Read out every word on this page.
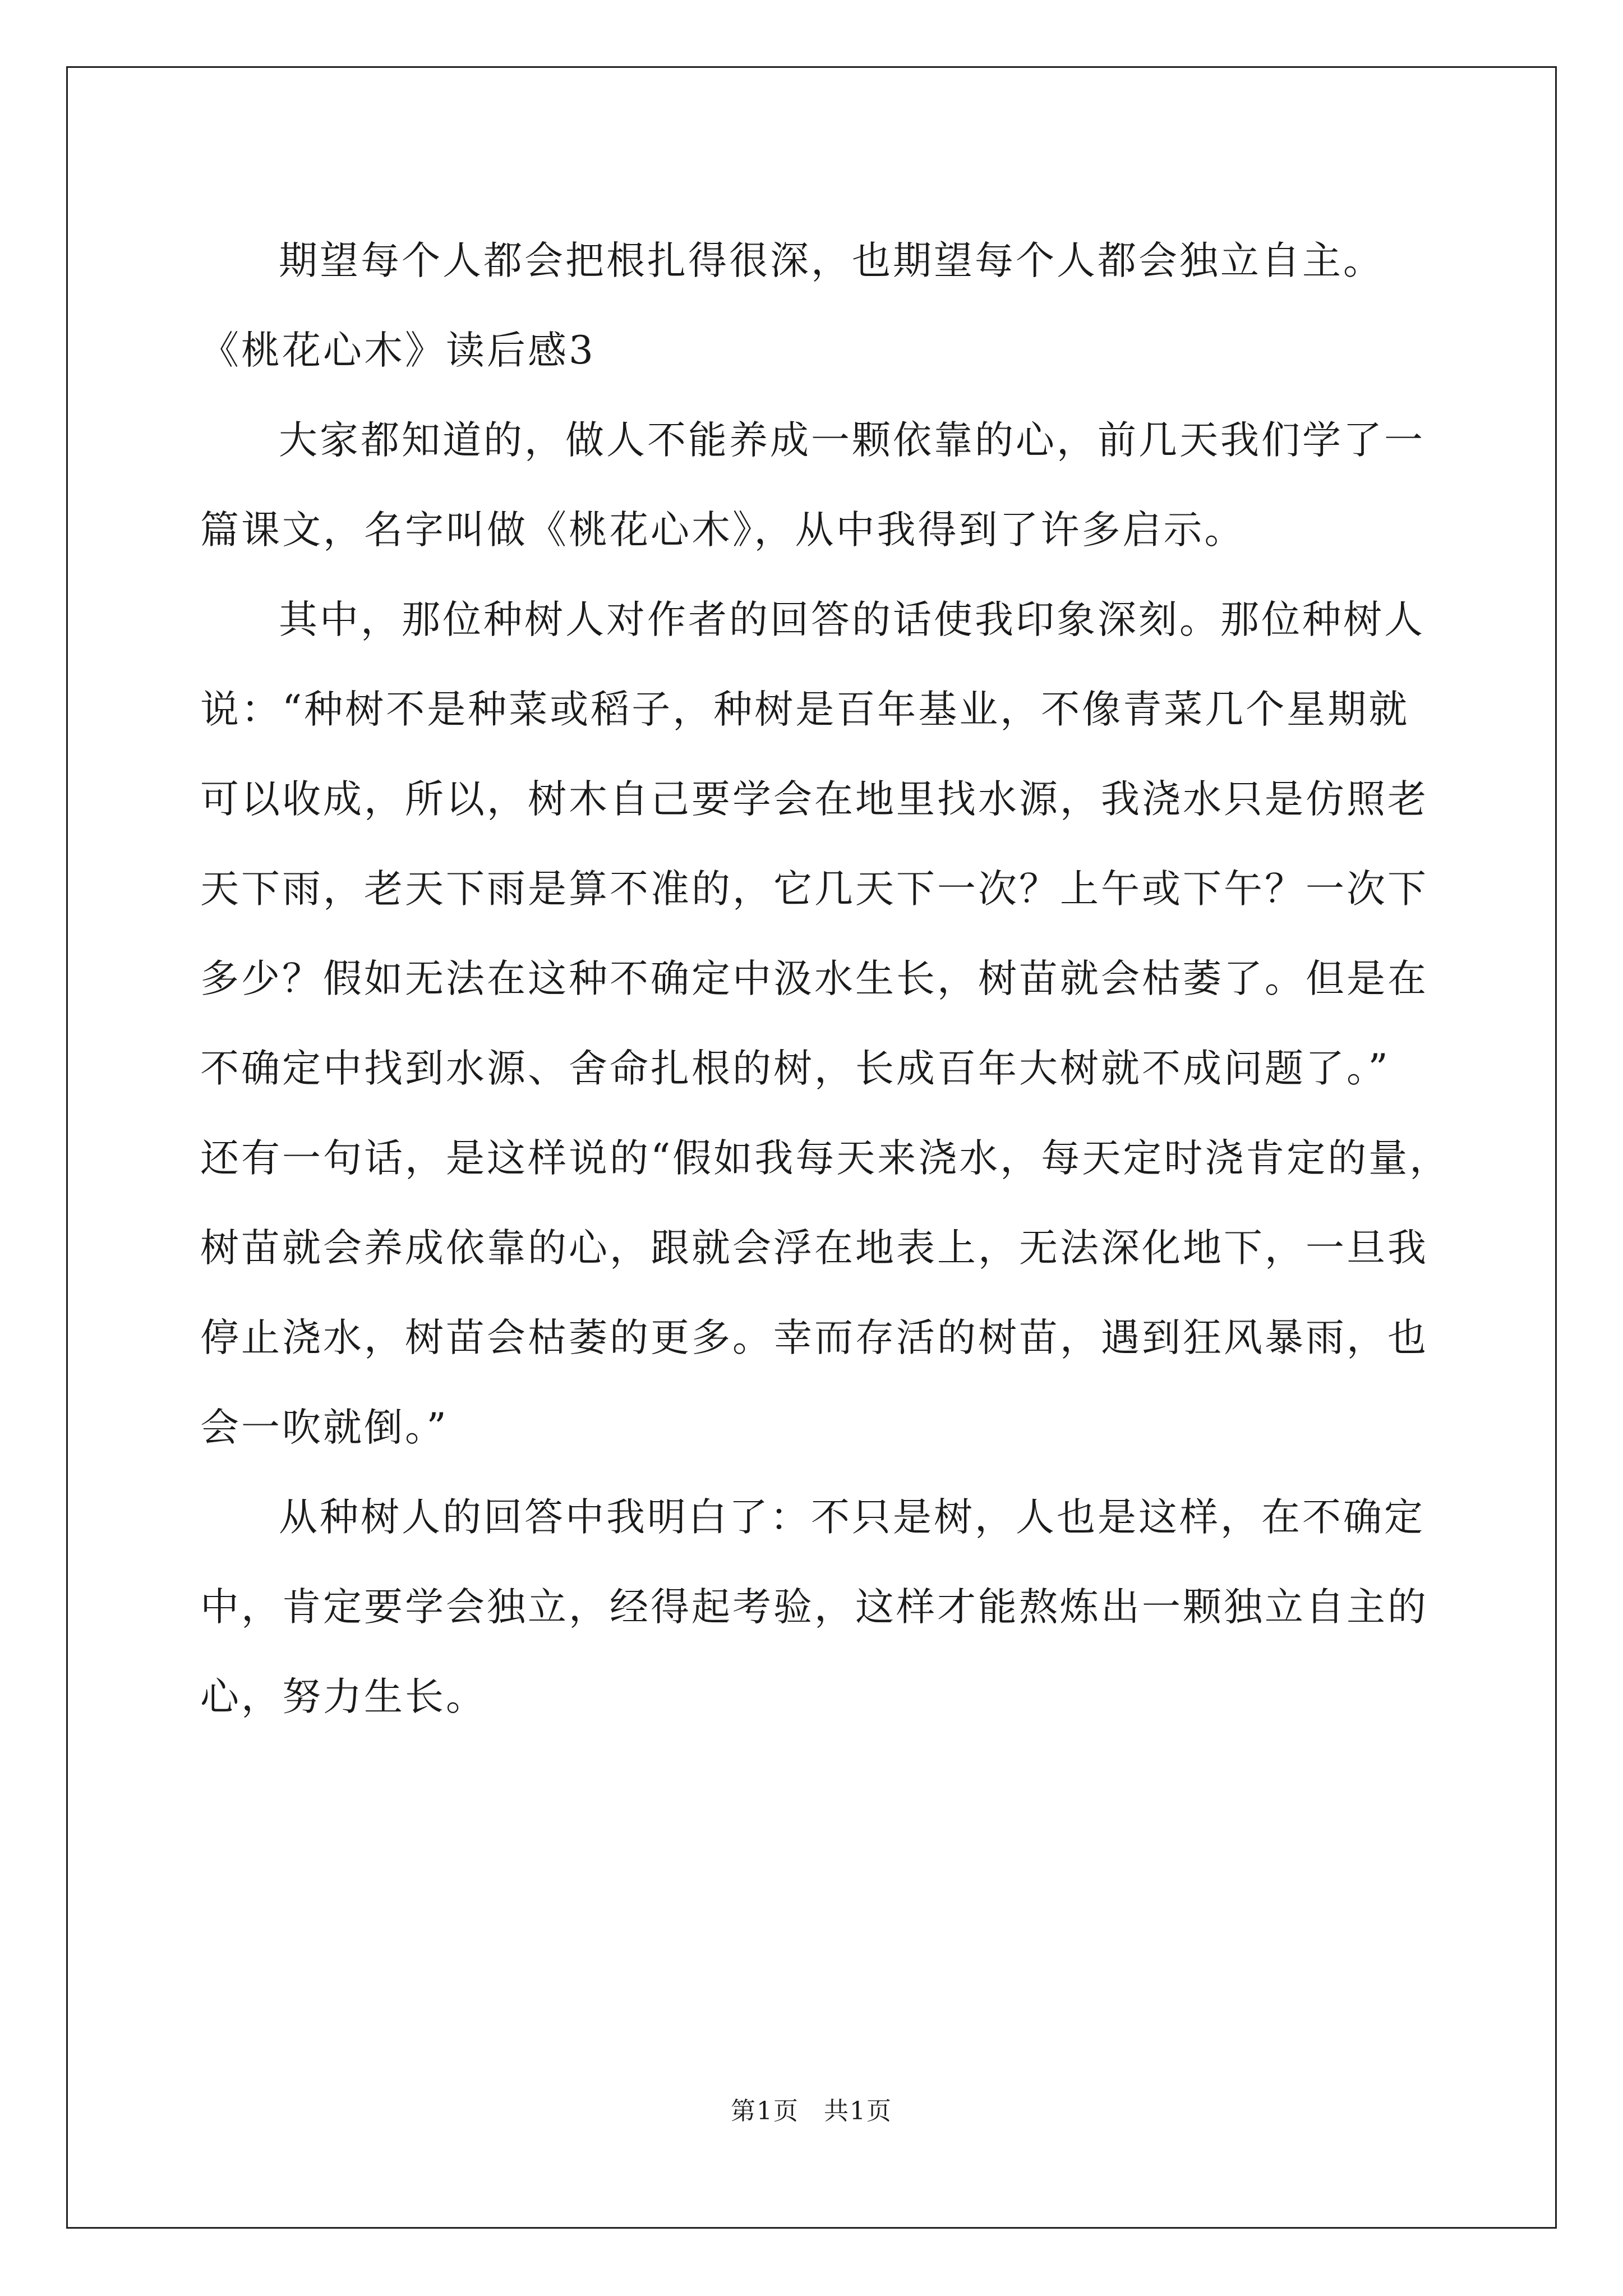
期望每个人都会把根扎得很深，也期望每个人都会独立自主。

《桃花心木》读后感3

大家都知道的，做人不能养成一颗依靠的心，前几天我们学了一

篇课文，名字叫做《桃花心木》，从中我得到了许多启示。

其中，那位种树人对作者的回答的话使我印象深刻。那位种树人

说：“种树不是种菜或稻子，种树是百年基业，不像青菜几个星期就

可以收成，所以，树木自己要学会在地里找水源，我浇水只是仿照老

天下雨，老天下雨是算不准的，它几天下一次？上午或下午？一次下

多少？假如无法在这种不确定中汲水生长，树苗就会枯萎了。但是在

不确定中找到水源、舍命扎根的树，长成百年大树就不成问题了。”

还有一句话，是这样说的“假如我每天来浇水，每天定时浇肯定的量，

树苗就会养成依靠的心，跟就会浮在地表上，无法深化地下，一旦我

停止浇水，树苗会枯萎的更多。幸而存活的树苗，遇到狂风暴雨，也

会一吹就倒。”

从种树人的回答中我明白了：不只是树，人也是这样，在不确定

中，肯定要学会独立，经得起考验，这样才能熬炼出一颗独立自主的

心，努力生长。

第1页 共1页
